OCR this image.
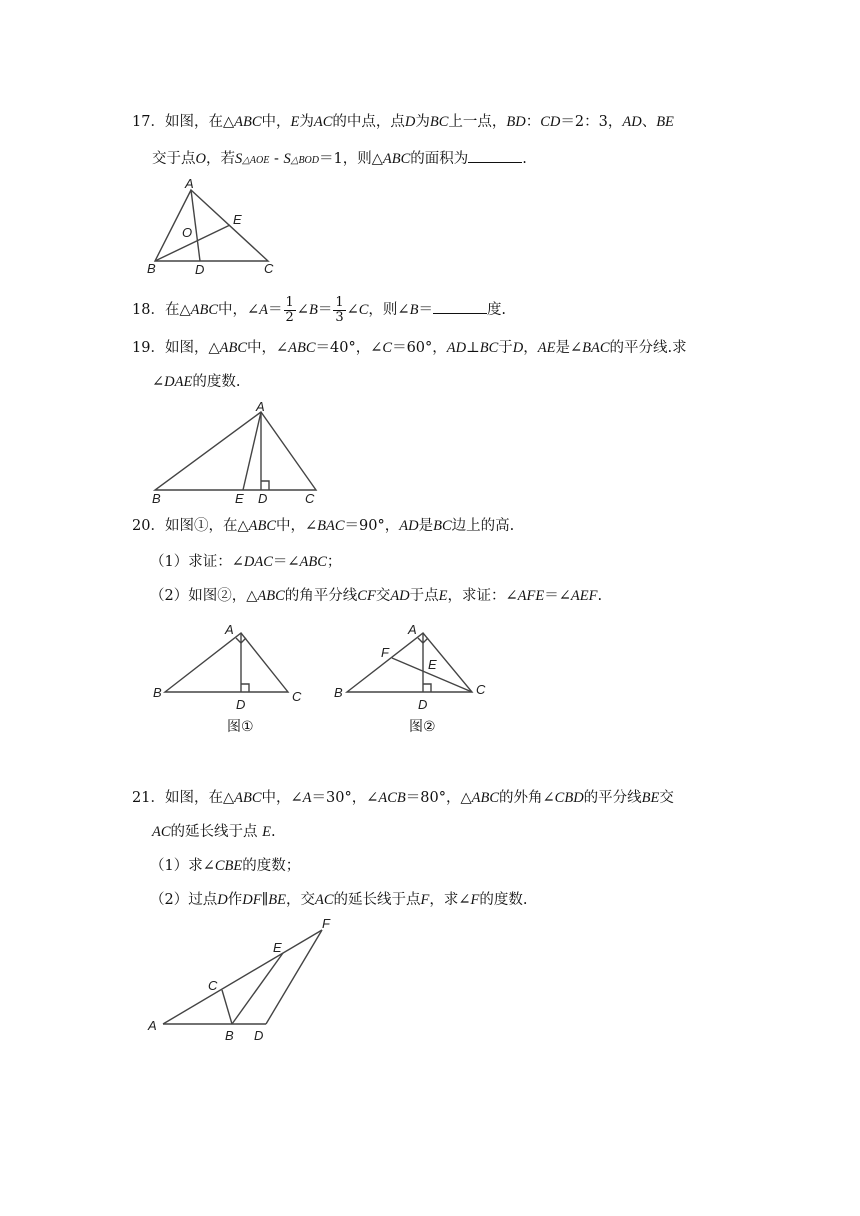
17．如图，在△ABC中，E为AC的中点，点D为BC上一点，BD：CD＝2：3，AD、BE
交于点O，若S△AOE - S△BOD＝1，则△ABC的面积为	.
A
B	C
D
E
O
18．在△ABC中，∠A＝ $\frac{1}{2}$ ∠B＝ $\frac{1}{3}$ ∠C，则∠B＝	度.
19．如图，△ABC中，∠ABC＝40°，∠C＝60°，AD⊥BC于D，AE是∠BAC的平分线.求
∠DAE的度数.
A
B	E D	C
20．如图①，在△ABC中，∠BAC＝90°，AD是BC边上的高.
（1）求证：∠DAC＝∠ABC；
（2）如图②，△ABC的角平分线CF交AD于点E，求证：∠AFE＝∠AEF.
A
B	C
D
A
B	C
D
E
F
图①	图②
21．如图，在△ABC中，∠A＝30°，∠ACB＝80°，△ABC的外角∠CBD的平分线BE交
AC的延长线于点 E.
（1）求∠CBE的度数；
（2）过点D作DF∥BE，交AC的延长线于点F，求∠F的度数.
A
B D
C
E
F
